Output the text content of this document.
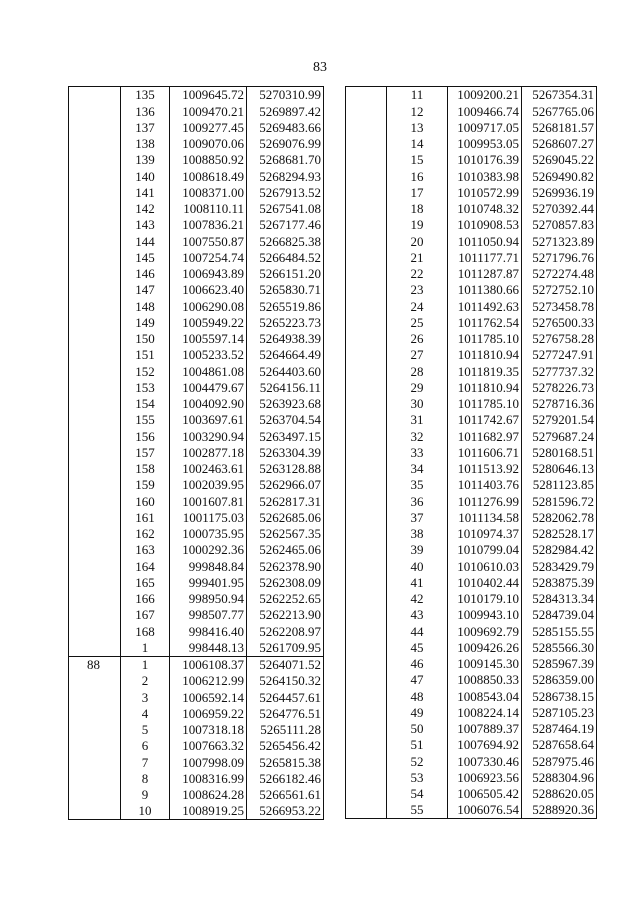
83
	135	1009645.72	5270310.99
	136	1009470.21	5269897.42
	137	1009277.45	5269483.66
	138	1009070.06	5269076.99
	139	1008850.92	5268681.70
	140	1008618.49	5268294.93
	141	1008371.00	5267913.52
	142	1008110.11	5267541.08
	143	1007836.21	5267177.46
	144	1007550.87	5266825.38
	145	1007254.74	5266484.52
	146	1006943.89	5266151.20
	147	1006623.40	5265830.71
	148	1006290.08	5265519.86
	149	1005949.22	5265223.73
	150	1005597.14	5264938.39
	151	1005233.52	5264664.49
	152	1004861.08	5264403.60
	153	1004479.67	5264156.11
	154	1004092.90	5263923.68
	155	1003697.61	5263704.54
	156	1003290.94	5263497.15
	157	1002877.18	5263304.39
	158	1002463.61	5263128.88
	159	1002039.95	5262966.07
	160	1001607.81	5262817.31
	161	1001175.03	5262685.06
	162	1000735.95	5262567.35
	163	1000292.36	5262465.06
	164	999848.84	5262378.90
	165	999401.95	5262308.09
	166	998950.94	5262252.65
	167	998507.77	5262213.90
	168	998416.40	5262208.97
	1	998448.13	5261709.95
88	1	1006108.37	5264071.52
	2	1006212.99	5264150.32
	3	1006592.14	5264457.61
	4	1006959.22	5264776.51
	5	1007318.18	5265111.28
	6	1007663.32	5265456.42
	7	1007998.09	5265815.38
	8	1008316.99	5266182.46
	9	1008624.28	5266561.61
	10	1008919.25	5266953.22
	11	1009200.21	5267354.31
	12	1009466.74	5267765.06
	13	1009717.05	5268181.57
	14	1009953.05	5268607.27
	15	1010176.39	5269045.22
	16	1010383.98	5269490.82
	17	1010572.99	5269936.19
	18	1010748.32	5270392.44
	19	1010908.53	5270857.83
	20	1011050.94	5271323.89
	21	1011177.71	5271796.76
	22	1011287.87	5272274.48
	23	1011380.66	5272752.10
	24	1011492.63	5273458.78
	25	1011762.54	5276500.33
	26	1011785.10	5276758.28
	27	1011810.94	5277247.91
	28	1011819.35	5277737.32
	29	1011810.94	5278226.73
	30	1011785.10	5278716.36
	31	1011742.67	5279201.54
	32	1011682.97	5279687.24
	33	1011606.71	5280168.51
	34	1011513.92	5280646.13
	35	1011403.76	5281123.85
	36	1011276.99	5281596.72
	37	1011134.58	5282062.78
	38	1010974.37	5282528.17
	39	1010799.04	5282984.42
	40	1010610.03	5283429.79
	41	1010402.44	5283875.39
	42	1010179.10	5284313.34
	43	1009943.10	5284739.04
	44	1009692.79	5285155.55
	45	1009426.26	5285566.30
	46	1009145.30	5285967.39
	47	1008850.33	5286359.00
	48	1008543.04	5286738.15
	49	1008224.14	5287105.23
	50	1007889.37	5287464.19
	51	1007694.92	5287658.64
	52	1007330.46	5287975.46
	53	1006923.56	5288304.96
	54	1006505.42	5288620.05
	55	1006076.54	5288920.36
